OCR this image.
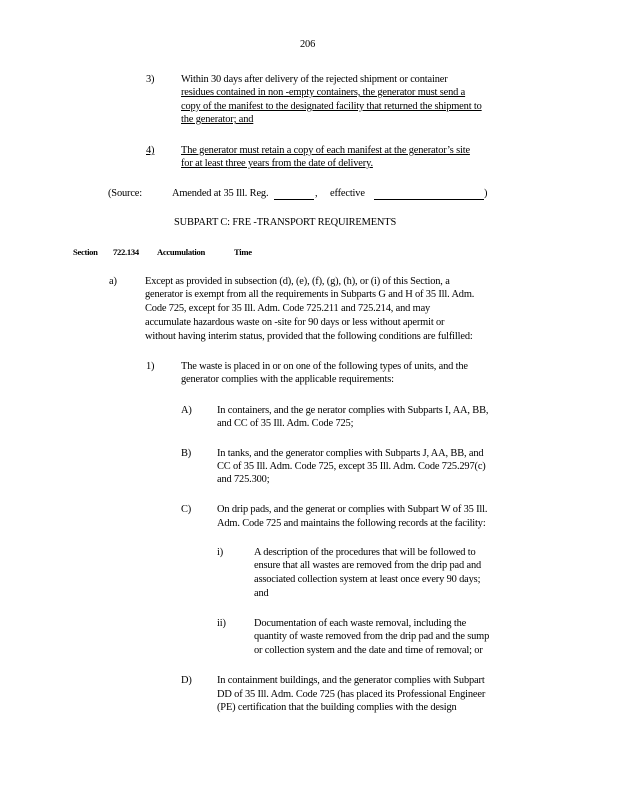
206
3)	Within 30 days after delivery of the rejected shipment or container
residues contained in non -empty containers, the generator must send a
copy of the manifest to the designated facility that returned the shipment to
the generator; and
4)	The generator must retain a copy of each manifest at the generator’s site
for at least three years from the date of delivery.
(Source:	Amended at 35 Ill. Reg.	, effective	)
SUBPART C: FRE -TRANSPORT REQUIREMENTS
Section 722.134 Accumulation	Time
a)	Except as provided in subsection (d), (e), (f), (g), (h), or (i) of this Section, a
generator is exempt from all the requirements in Subparts G and H of 35 Ill. Adm.
Code 725, except for 35 Ill. Adm. Code 725.211 and 725.214, and may
accumulate hazardous waste on -site for 90 days or less without apermit or
without having interim status, provided that the following conditions are fulfilled:
1)	The waste is placed in or on one of the following types of units, and the
generator complies with the applicable requirements:
A) In containers, and the ge nerator complies with Subparts I, AA, BB,
and CC of 35 Ill. Adm. Code 725;
B) In tanks, and the generator complies with Subparts J, AA, BB, and
CC of 35 Ill. Adm. Code 725, except 35 Ill. Adm. Code 725.297(c)
and 725.300;
C) On drip pads, and the generat or complies with Subpart W of 35 Ill.
Adm. Code 725 and maintains the following records at the facility:
i)	A description of the procedures that will be followed to
ensure that all wastes are removed from the drip pad and
associated collection system at least once every 90 days;
and
ii)	Documentation of each waste removal, including the
quantity of waste removed from the drip pad and the sump
or collection system and the date and time of removal; or
D) In containment buildings, and the generator complies with Subpart
DD of 35 Ill. Adm. Code 725 (has placed its Professional Engineer
(PE) certification that the building complies with the design
